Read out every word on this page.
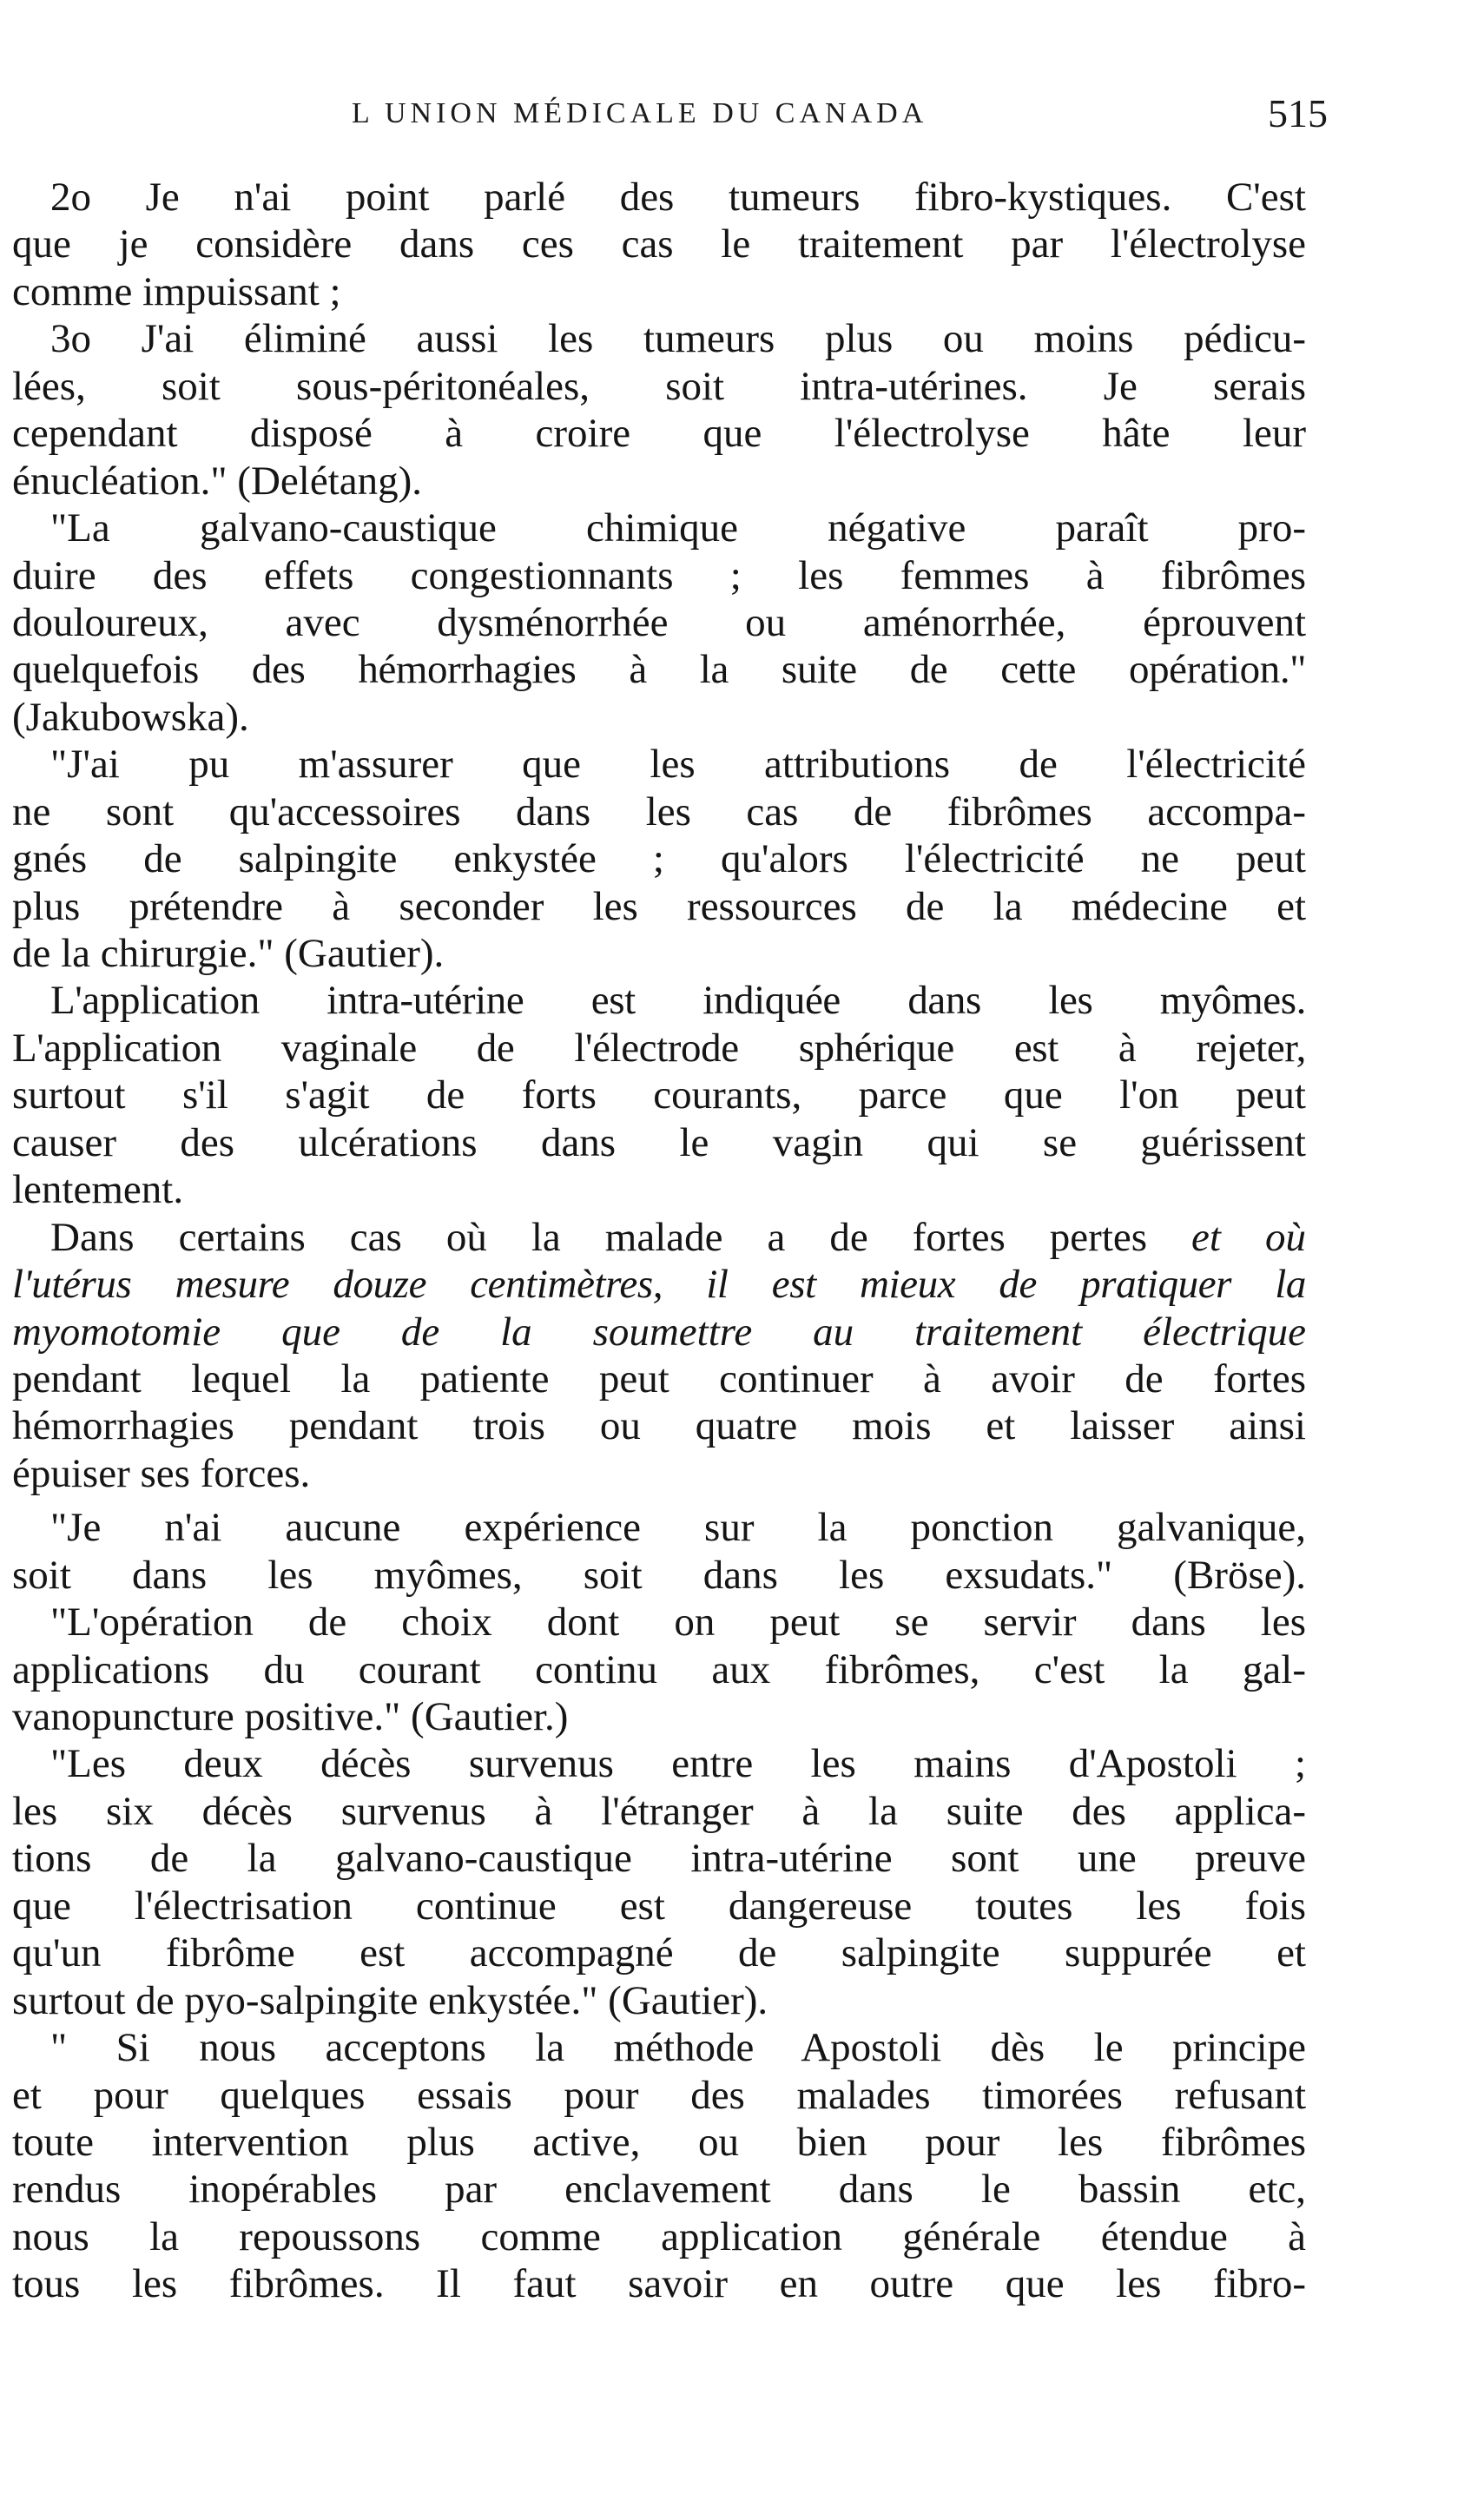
L UNION MÉDICALE DU CANADA	515
2o Je n'ai point parlé des tumeurs fibro-kystiques. C'est
que je considère dans ces cas le traitement par l'électrolyse
comme impuissant ;
3o J'ai éliminé aussi les tumeurs plus ou moins pédicu-
lées, soit sous-péritonéales, soit intra-utérines. Je serais
cependant disposé à croire que l'électrolyse hâte leur
énucléation." (Delétang).
"La galvano-caustique chimique négative paraît pro-
duire des effets congestionnants ; les femmes à fibrômes
douloureux, avec dysménorrhée ou aménorrhée, éprouvent
quelquefois des hémorrhagies à la suite de cette opération."
(Jakubowska).
"J'ai pu m'assurer que les attributions de l'électricité
ne sont qu'accessoires dans les cas de fibrômes accompa-
gnés de salpingite enkystée ; qu'alors l'électricité ne peut
plus prétendre à seconder les ressources de la médecine et
de la chirurgie." (Gautier).
L'application intra-utérine est indiquée dans les myômes.
L'application vaginale de l'électrode sphérique est à rejeter,
surtout s'il s'agit de forts courants, parce que l'on peut
causer des ulcérations dans le vagin qui se guérissent
lentement.
Dans certains cas où la malade a de fortes pertes et où
l'utérus mesure douze centimètres, il est mieux de pratiquer la
myomotomie que de la soumettre au traitement électrique
pendant lequel la patiente peut continuer à avoir de fortes
hémorrhagies pendant trois ou quatre mois et laisser ainsi
épuiser ses forces.
"Je n'ai aucune expérience sur la ponction galvanique,
soit dans les myômes, soit dans les exsudats." (Bröse).
"L'opération de choix dont on peut se servir dans les
applications du courant continu aux fibrômes, c'est la gal-
vanopuncture positive." (Gautier.)
"Les deux décès survenus entre les mains d'Apostoli ;
les six décès survenus à l'étranger à la suite des applica-
tions de la galvano-caustique intra-utérine sont une preuve
que l'électrisation continue est dangereuse toutes les fois
qu'un fibrôme est accompagné de salpingite suppurée et
surtout de pyo-salpingite enkystée." (Gautier).
" Si nous acceptons la méthode Apostoli dès le principe
et pour quelques essais pour des malades timorées refusant
toute intervention plus active, ou bien pour les fibrômes
rendus inopérables par enclavement dans le bassin etc,
nous la repoussons comme application générale étendue à
tous les fibrômes. Il faut savoir en outre que les fibro-
